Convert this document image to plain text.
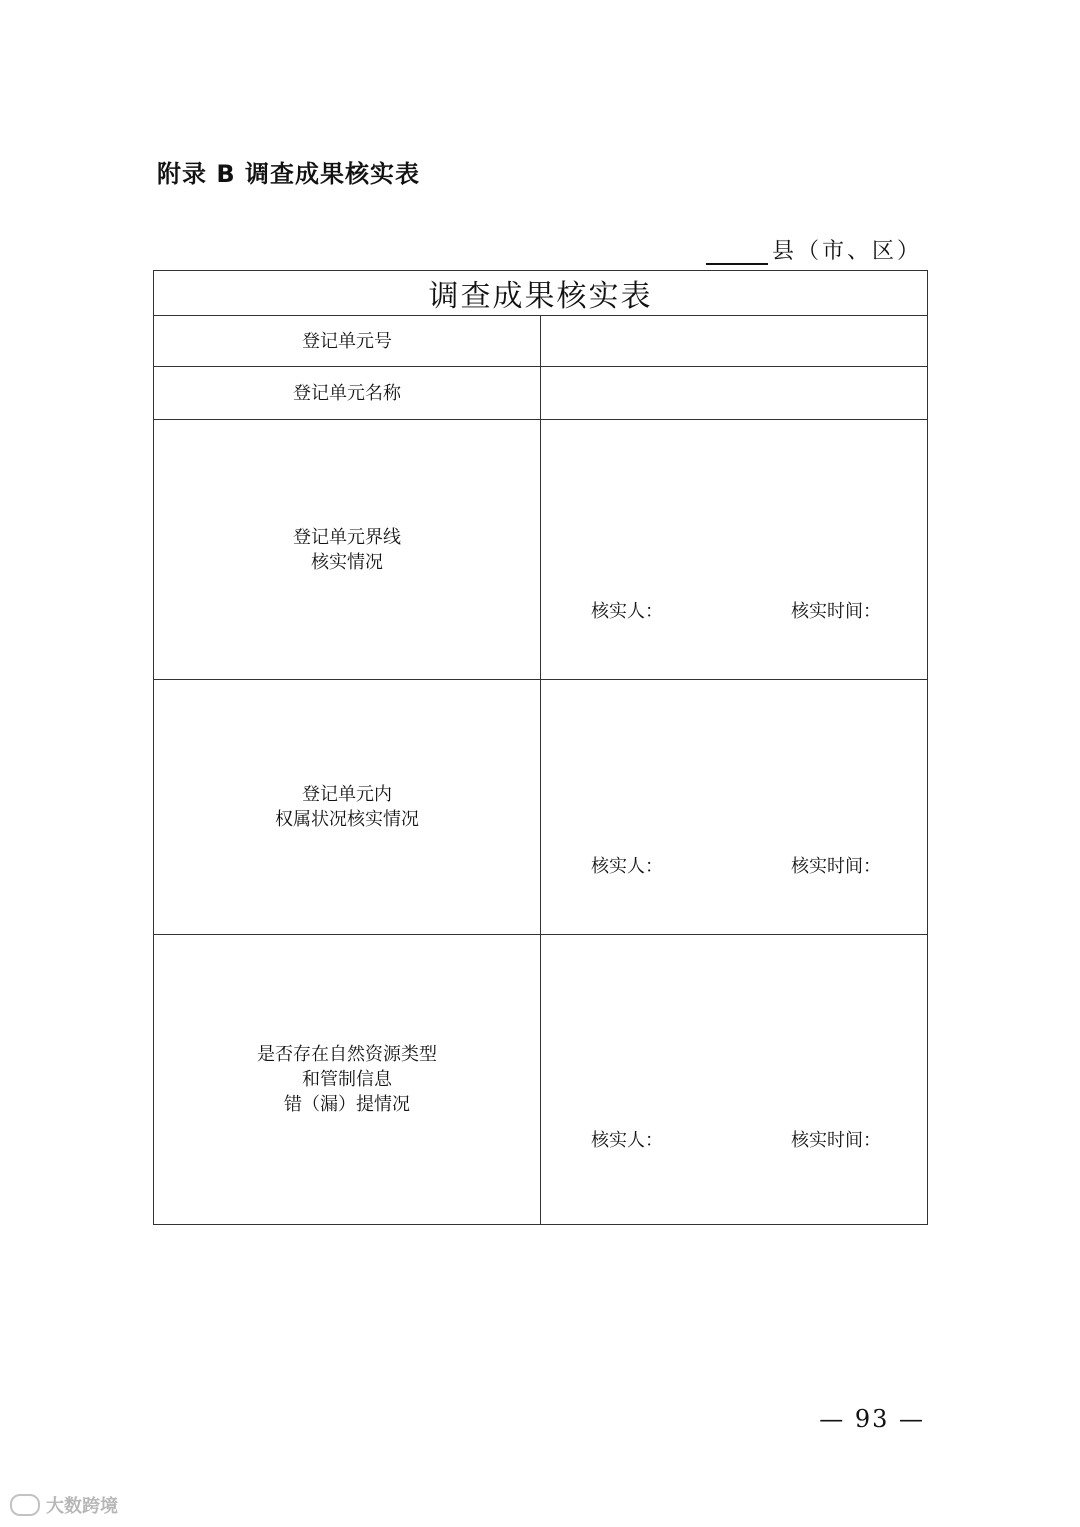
附录 B 调查成果核实表
县（市、区）
调查成果核实表	

登记单元号	

登记单元名称	

登记单元界线
核实情况	核实人： 核实时间：

登记单元内
权属状况核实情况	核实人： 核实时间：

是否存在自然资源类型
和管制信息
错（漏）提情况	核实人： 核实时间：
— 93 —
大数跨境
